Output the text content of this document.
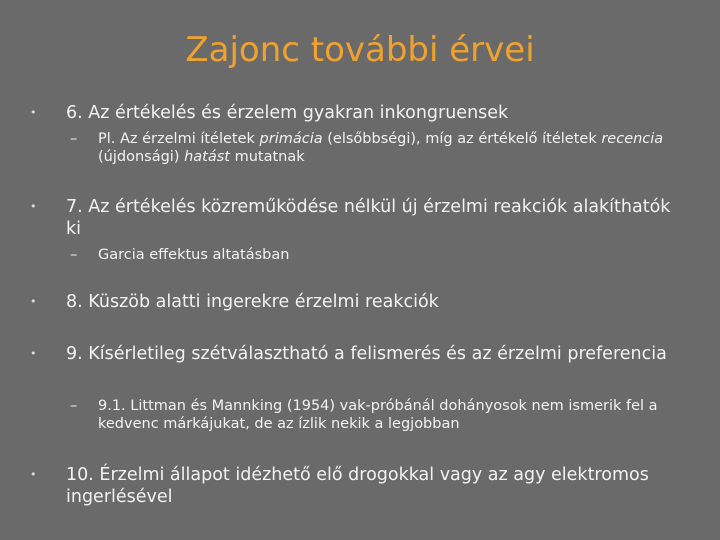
Zajonc további érvei
• 6. Az értékelés és érzelem gyakran inkongruensek
– Pl. Az érzelmi ítéletek primácia (elsőbbségi), míg az értékelő ítéletek recencia (újdonsági) hatást mutatnak
• 7. Az értékelés közreműködése nélkül új érzelmi reakciók alakíthatók ki
– Garcia effektus altatásban
• 8. Küszöb alatti ingerekre érzelmi reakciók
• 9. Kísérletileg szétválasztható a felismerés és az érzelmi preferencia
– 9.1. Littman és Mannking (1954) vak-próbánál dohányosok nem ismerik fel a kedvenc márkájukat, de az ízlik nekik a legjobban
• 10. Érzelmi állapot idézhető elő drogokkal vagy az agy elektromos ingerlésével
